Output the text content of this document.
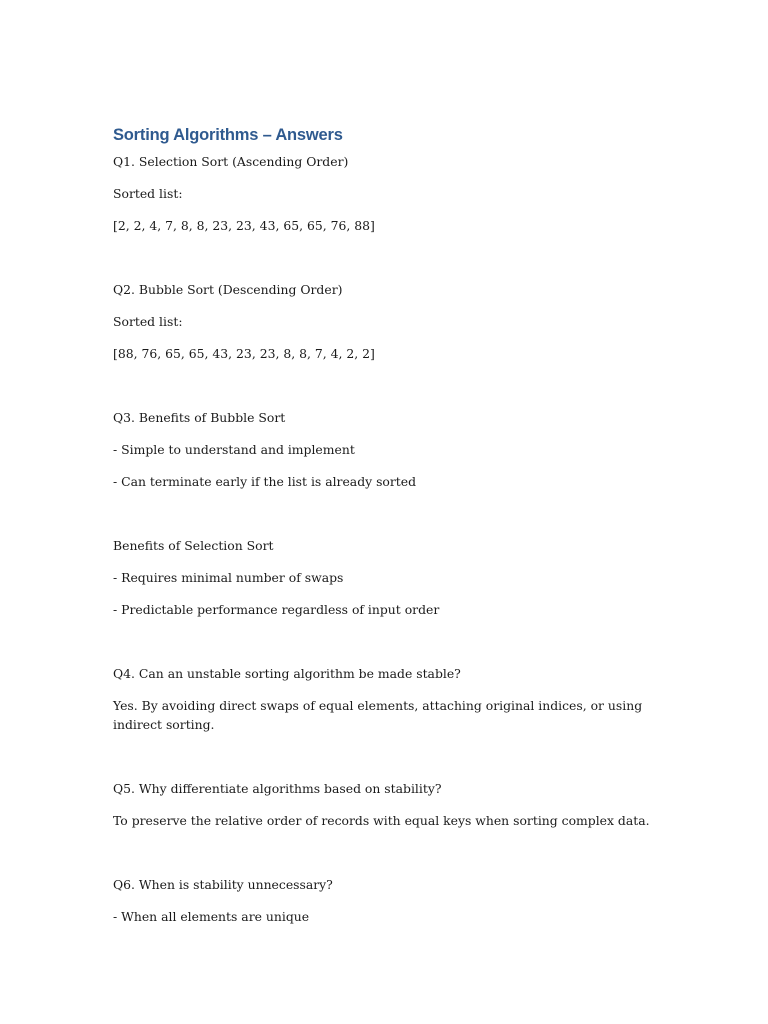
Sorting Algorithms – Answers

Q1. Selection Sort (Ascending Order)

Sorted list:

[2, 2, 4, 7, 8, 8, 23, 23, 43, 65, 65, 76, 88]

Q2. Bubble Sort (Descending Order)

Sorted list:

[88, 76, 65, 65, 43, 23, 23, 8, 8, 7, 4, 2, 2]

Q3. Benefits of Bubble Sort

- Simple to understand and implement

- Can terminate early if the list is already sorted

Benefits of Selection Sort

- Requires minimal number of swaps

- Predictable performance regardless of input order

Q4. Can an unstable sorting algorithm be made stable?

Yes. By avoiding direct swaps of equal elements, attaching original indices, or using indirect sorting.

Q5. Why differentiate algorithms based on stability?

To preserve the relative order of records with equal keys when sorting complex data.

Q6. When is stability unnecessary?

- When all elements are unique
